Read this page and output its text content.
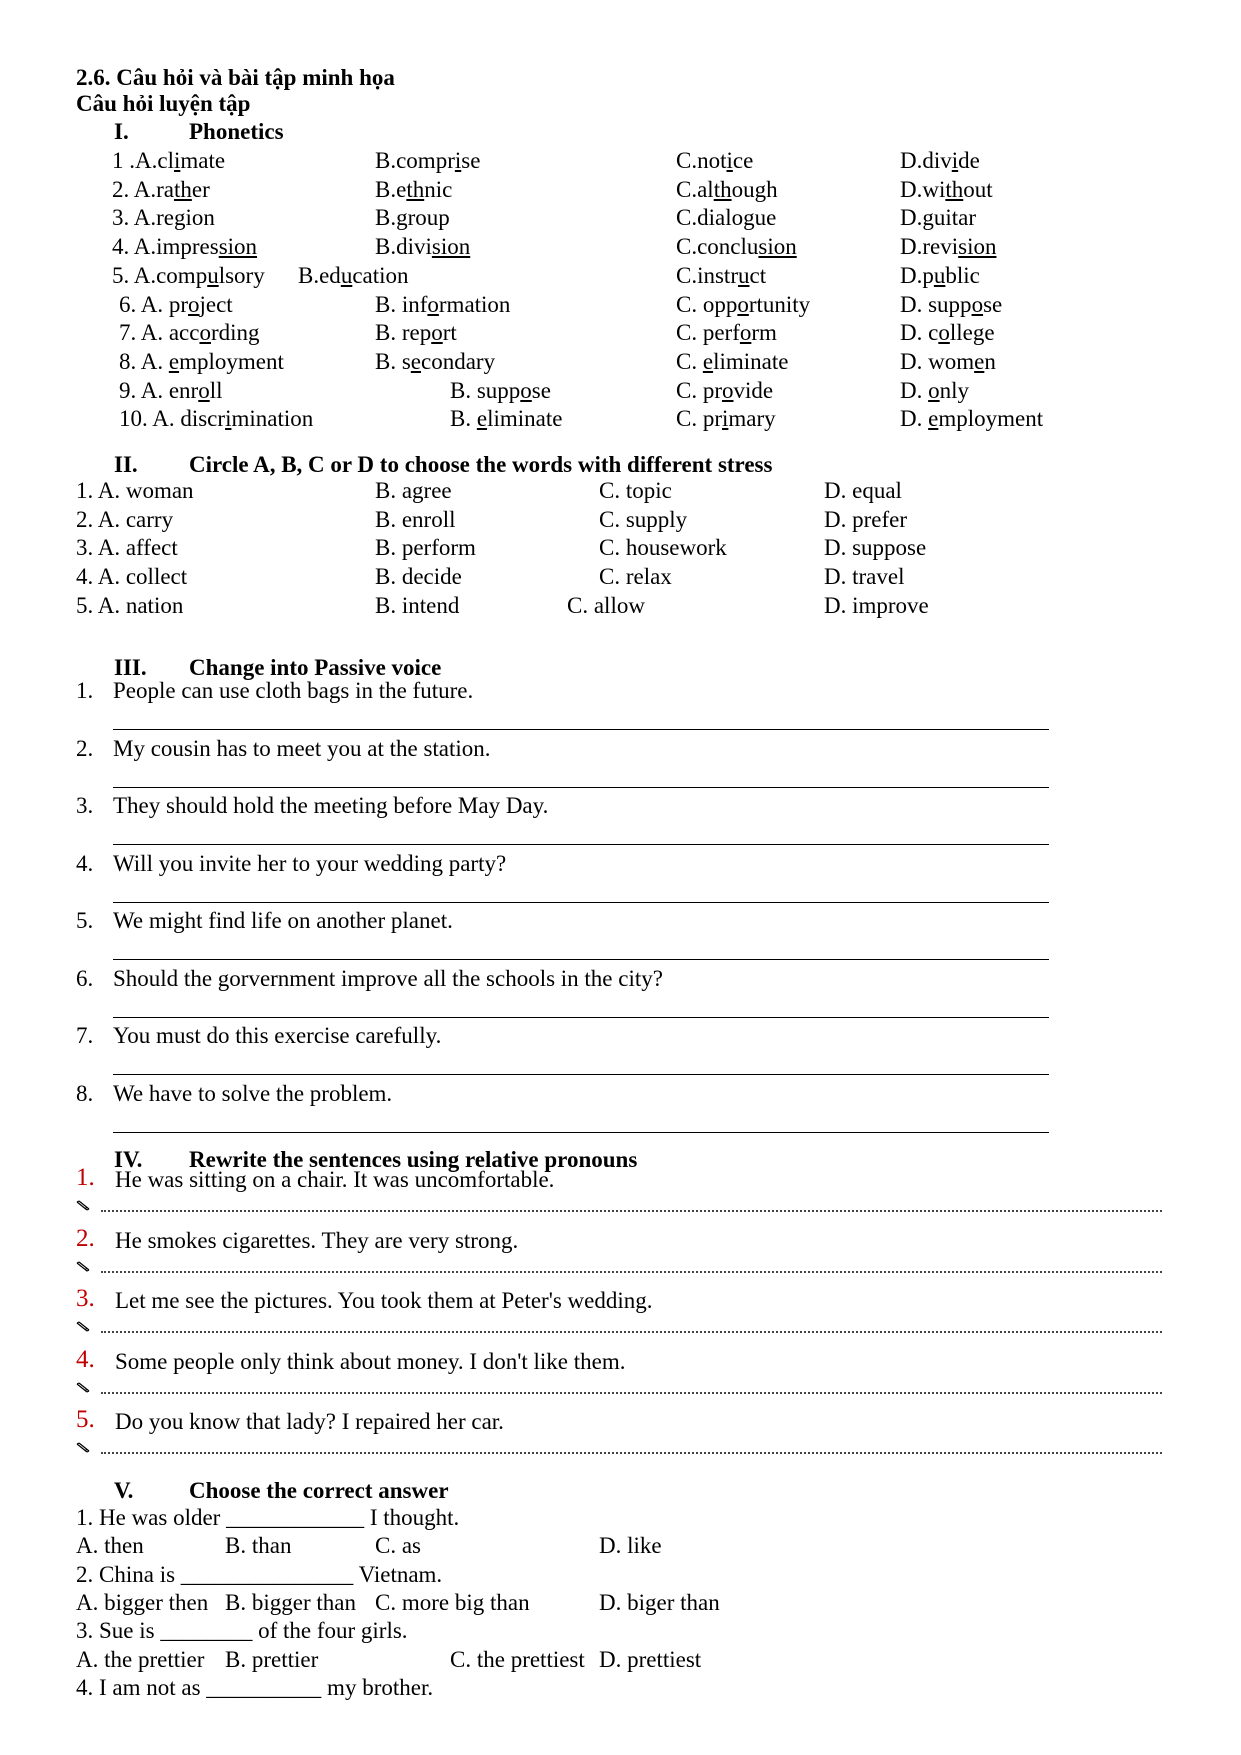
2.6. Câu hỏi và bài tập minh họa
Câu hỏi luyện tập
I.	Phonetics
1 .A.climate	B.comprise	C.notice	D.divide
2. A.rather	B.ethnic	C.although	D.without
3. A.region	B.group	C.dialogue	D.guitar
4. A.impression	B.division	C.conclusion	D.revision
5. A.compulsory B.education	C.instruct	D.public
6. A. project	B. information	C. opportunity	D. suppose
7. A. according	B. report	C. perform	D. college
8. A. employment	B. secondary	C. eliminate	D. women
9. A. enroll	B. suppose	C. provide	D. only
10. A. discrimination	B. eliminate	C. primary	D. employment
II. Circle A, B, C or D to choose the words with different stress
1. A. woman	B. agree	C. topic	D. equal
2. A. carry	B. enroll	C. supply	D. prefer
3. A. affect	B. perform	C. housework	D. suppose
4. A. collect	B. decide	C. relax	D. travel
5. A. nation	B. intend	C. allow	D. improve
III. Change into Passive voice
1. People can use cloth bags in the future.
2. My cousin has to meet you at the station.
3. They should hold the meeting before May Day.
4. Will you invite her to your wedding party?
5. We might find life on another planet.
6. Should the gorvernment improve all the schools in the city?
7. You must do this exercise carefully.
8. We have to solve the problem.
IV. Rewrite the sentences using relative pronouns
1. He was sitting on a chair. It was uncomfortable.
2. He smokes cigarettes. They are very strong.
3. Let me see the pictures. You took them at Peter's wedding.
4. Some people only think about money. I don't like them.
5. Do you know that lady? I repaired her car.
V. Choose the correct answer
1. He was older ____________ I thought.
A. then	B. than	C. as	D. like
2. China is _______________ Vietnam.
A. bigger then B. bigger than C. more big than	D. biger than
3. Sue is ________ of the four girls.
A. the prettier B. prettier	C. the prettiest D. prettiest
4. I am not as __________ my brother.
